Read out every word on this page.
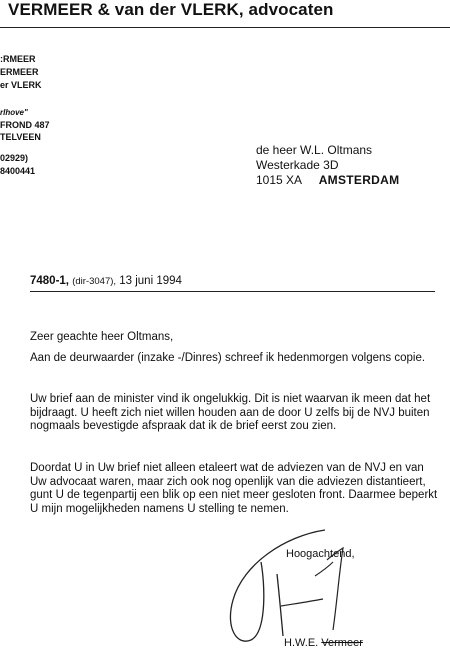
VERMEER & van der VLERK, advocaten
:RMEER
ERMEER
er VLERK
rlhove"
FROND 487
TELVEEN
02929)
8400441
de heer W.L. Oltmans
Westerkade 3D
1015 XA AMSTERDAM
7480-1, (dir-3047), 13 juni 1994

Zeer geachte heer Oltmans,

Aan de deurwaarder (inzake -/Dinres) schreef ik hedenmorgen volgens copie.

Uw brief aan de minister vind ik ongelukkig. Dit is niet waarvan ik meen dat het bijdraagt. U heeft zich niet willen houden aan de door U zelfs bij de NVJ buiten nogmaals bevestigde afspraak dat ik de brief eerst zou zien.

Doordat U in Uw brief niet alleen etaleert wat de adviezen van de NVJ en van Uw advocaat waren, maar zich ook nog openlijk van die adviezen distantieert, gunt U de tegenpartij een blik op een niet meer gesloten front. Daarmee beperkt U mijn mogelijkheden namens U stelling te nemen.

Hoogachtend,
H.W.E. Vermeer
